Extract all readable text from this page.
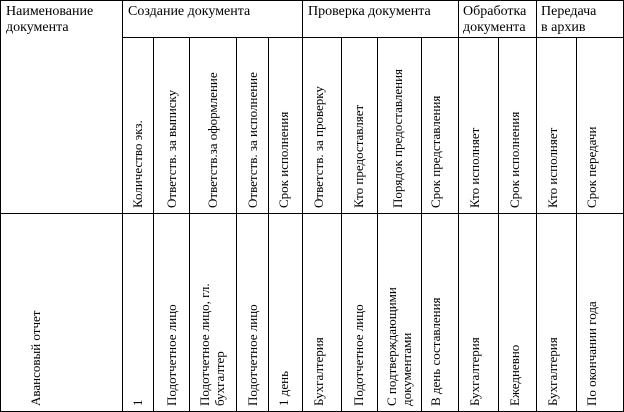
Наименование
документа
Создание документа	Проверка документа Обработка
документа
Передача
в архив
Количество экз. Ответств. за выписку Ответств.за оформление Ответств. за исполнение Срок исполнения Ответств. за проверку Кто предоставляет Порядок предоставления Срок представления Кто исполняет Срок исполнения Кто исполняет Срок передачи
Авансовый отчет	1 Подотчетное лицо Подотчетное лицо, гл. бухгалтер Подотчетное лицо 1 день Бухгалтерия Подотчетное лицо С подтверждающими документами В день составления Бухгалтерия Ежедневно Бухгалтерия По окончании года
